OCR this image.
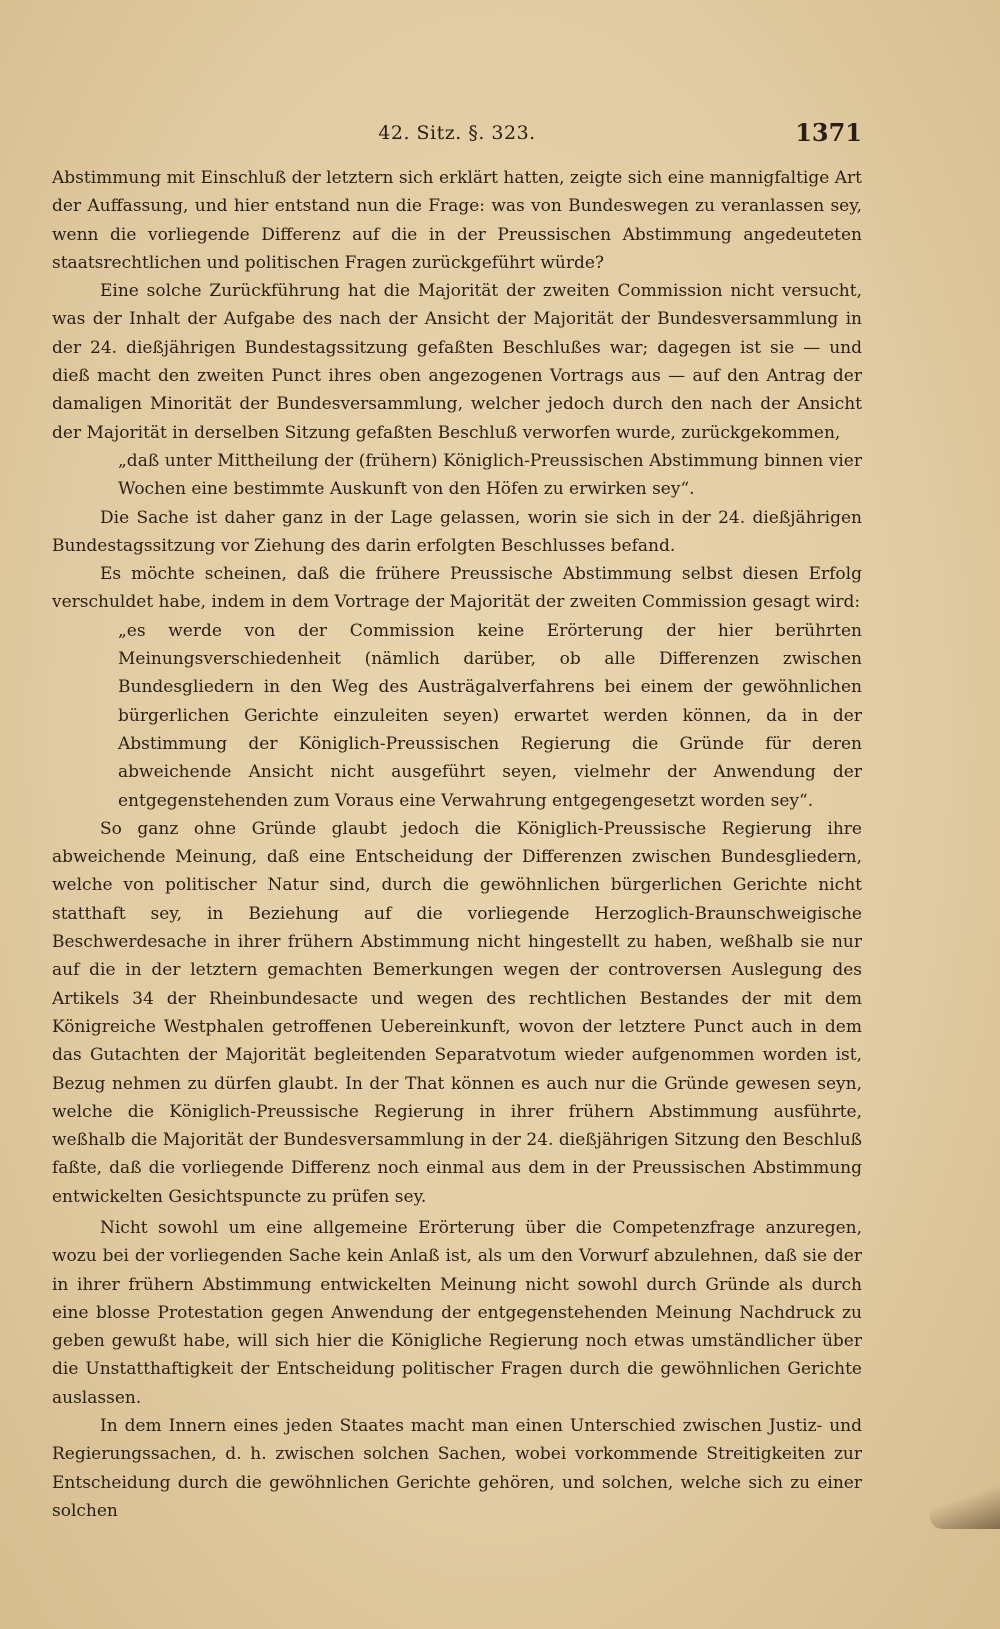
42. Sitz. §. 323.	1371

Abstimmung mit Einschluß der letztern sich erklärt hatten, zeigte sich eine mannigfaltige Art der Auffassung, und hier entstand nun die Frage: was von Bundeswegen zu veranlassen sey, wenn die vorliegende Differenz auf die in der Preussischen Abstimmung angedeuteten staatsrechtlichen und politischen Fragen zurückgeführt würde?

Eine solche Zurückführung hat die Majorität der zweiten Commission nicht versucht, was der Inhalt der Aufgabe des nach der Ansicht der Majorität der Bundesversammlung in der 24. dießjährigen Bundestagssitzung gefaßten Beschlußes war; dagegen ist sie — und dieß macht den zweiten Punct ihres oben angezogenen Vortrags aus — auf den Antrag der damaligen Minorität der Bundesversammlung, welcher jedoch durch den nach der Ansicht der Majorität in derselben Sitzung gefaßten Beschluß verworfen wurde, zurückgekommen,

„daß unter Mittheilung der (frühern) Königlich-Preussischen Abstimmung binnen vier Wochen eine bestimmte Auskunft von den Höfen zu erwirken sey“.

Die Sache ist daher ganz in der Lage gelassen, worin sie sich in der 24. dießjährigen Bundestagssitzung vor Ziehung des darin erfolgten Beschlusses befand.

Es möchte scheinen, daß die frühere Preussische Abstimmung selbst diesen Erfolg verschuldet habe, indem in dem Vortrage der Majorität der zweiten Commission gesagt wird:

„es werde von der Commission keine Erörterung der hier berührten Meinungsverschiedenheit (nämlich darüber, ob alle Differenzen zwischen Bundesgliedern in den Weg des Austrägalverfahrens bei einem der gewöhnlichen bürgerlichen Gerichte einzuleiten seyen) erwartet werden können, da in der Abstimmung der Königlich-Preussischen Regierung die Gründe für deren abweichende Ansicht nicht ausgeführt seyen, vielmehr der Anwendung der entgegenstehenden zum Voraus eine Verwahrung entgegengesetzt worden sey“.

So ganz ohne Gründe glaubt jedoch die Königlich-Preussische Regierung ihre abweichende Meinung, daß eine Entscheidung der Differenzen zwischen Bundesgliedern, welche von politischer Natur sind, durch die gewöhnlichen bürgerlichen Gerichte nicht statthaft sey, in Beziehung auf die vorliegende Herzoglich-Braunschweigische Beschwerdesache in ihrer frühern Abstimmung nicht hingestellt zu haben, weßhalb sie nur auf die in der letztern gemachten Bemerkungen wegen der controversen Auslegung des Artikels 34 der Rheinbundesacte und wegen des rechtlichen Bestandes der mit dem Königreiche Westphalen getroffenen Uebereinkunft, wovon der letztere Punct auch in dem das Gutachten der Majorität begleitenden Separatvotum wieder aufgenommen worden ist, Bezug nehmen zu dürfen glaubt. In der That können es auch nur die Gründe gewesen seyn, welche die Königlich-Preussische Regierung in ihrer frühern Abstimmung ausführte, weßhalb die Majorität der Bundesversammlung in der 24. dießjährigen Sitzung den Beschluß faßte, daß die vorliegende Differenz noch einmal aus dem in der Preussischen Abstimmung entwickelten Gesichtspuncte zu prüfen sey.

Nicht sowohl um eine allgemeine Erörterung über die Competenzfrage anzuregen, wozu bei der vorliegenden Sache kein Anlaß ist, als um den Vorwurf abzulehnen, daß sie der in ihrer frühern Abstimmung entwickelten Meinung nicht sowohl durch Gründe als durch eine blosse Protestation gegen Anwendung der entgegenstehenden Meinung Nachdruck zu geben gewußt habe, will sich hier die Königliche Regierung noch etwas umständlicher über die Unstatthaftigkeit der Entscheidung politischer Fragen durch die gewöhnlichen Gerichte auslassen.

In dem Innern eines jeden Staates macht man einen Unterschied zwischen Justiz- und Regierungssachen, d. h. zwischen solchen Sachen, wobei vorkommende Streitigkeiten zur Entscheidung durch die gewöhnlichen Gerichte gehören, und solchen, welche sich zu einer solchen
